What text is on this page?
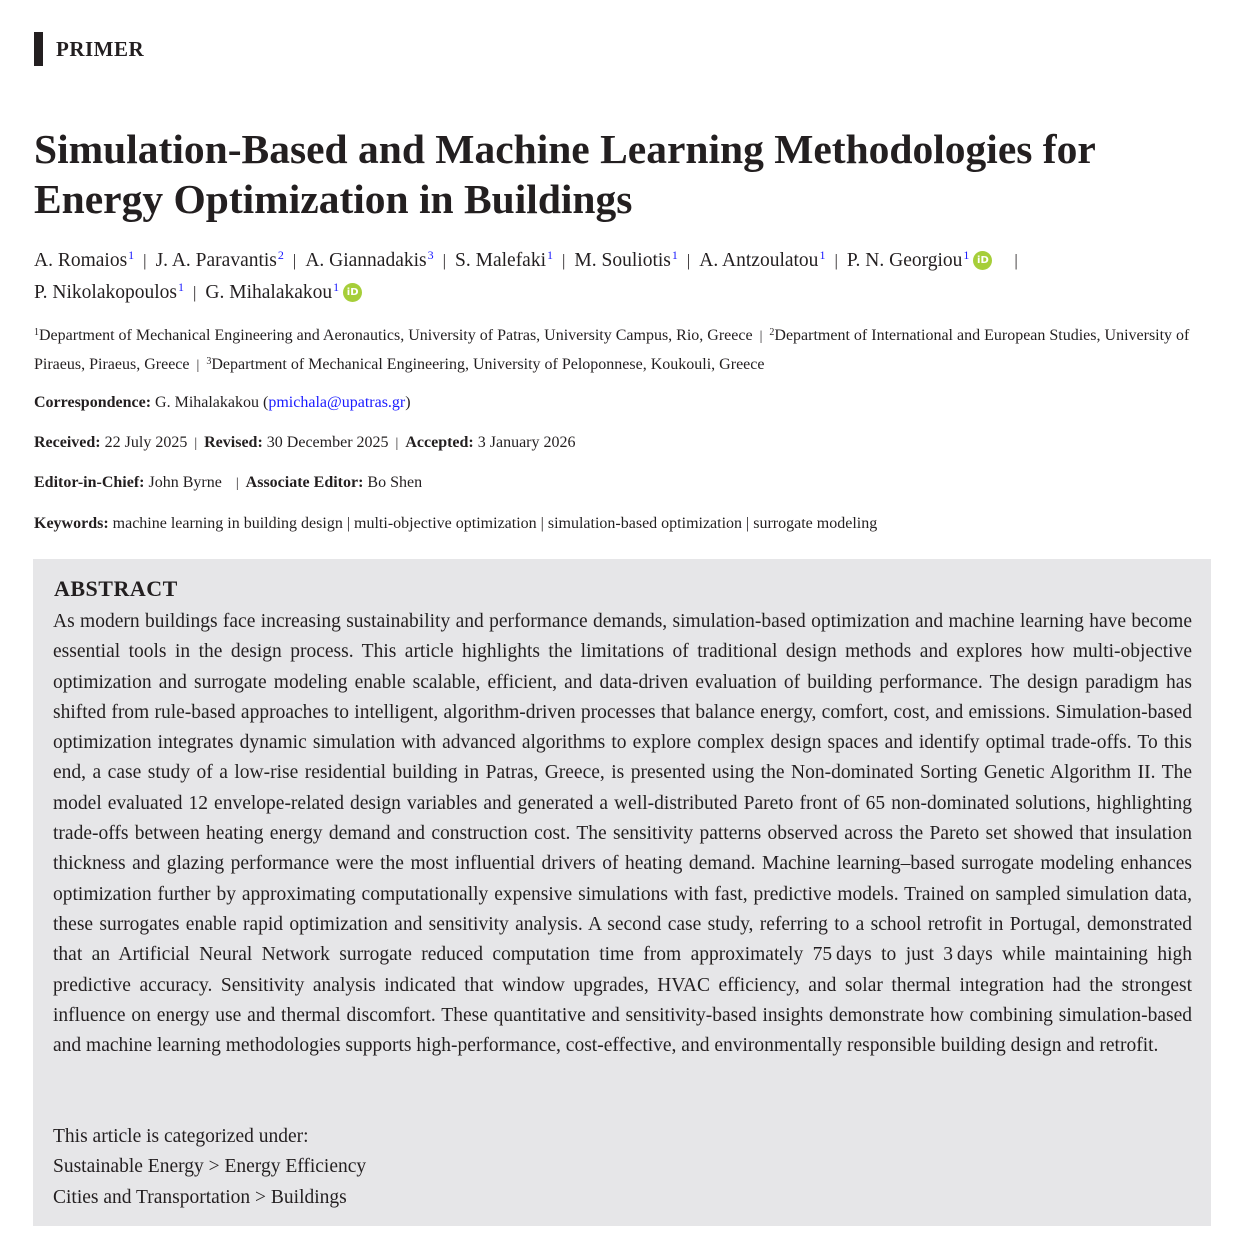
PRIMER
Simulation-Based and Machine Learning Methodologies for Energy Optimization in Buildings
A. Romaios$^1$ | J. A. Paravantis$^2$ | A. Giannadakis$^3$ | S. Malefaki$^1$ | M. Souliotis$^1$ | A. Antzoulatou$^1$ | P. N. Georgiou$^1$ iD |
P. Nikolakopoulos$^1$ | G. Mihalakakou$^1$ iD
$^1$Department of Mechanical Engineering and Aeronautics, University of Patras, University Campus, Rio, Greece | $^2$Department of International and European Studies, University of Piraeus, Piraeus, Greece | $^3$Department of Mechanical Engineering, University of Peloponnese, Koukouli, Greece
Correspondence: G. Mihalakakou (pmichala@upatras.gr)
Received: 22 July 2025 | Revised: 30 December 2025 | Accepted: 3 January 2026
Editor-in-Chief: John Byrne | Associate Editor: Bo Shen
Keywords: machine learning in building design | multi-objective optimization | simulation-based optimization | surrogate modeling
ABSTRACT

As modern buildings face increasing sustainability and performance demands, simulation-based optimization and machine learning have become essential tools in the design process. This article highlights the limitations of traditional design methods and explores how multi-objective optimization and surrogate modeling enable scalable, efficient, and data-driven evaluation of building performance. The design paradigm has shifted from rule-based approaches to intelligent, algorithm-driven processes that balance energy, comfort, cost, and emissions. Simulation-based optimization integrates dynamic simulation with advanced algorithms to explore complex design spaces and identify optimal trade-offs. To this end, a case study of a low-rise residential building in Patras, Greece, is presented using the Non-dominated Sorting Genetic Algorithm II. The model evaluated 12 envelope-related design variables and generated a well-distributed Pareto front of 65 non-dominated solutions, highlighting trade-offs between heating energy demand and construction cost. The sensitivity patterns observed across the Pareto set showed that insulation thickness and glazing performance were the most influential drivers of heating demand. Machine learning–based surrogate modeling enhances optimization further by approximating computationally expensive simulations with fast, predictive models. Trained on sampled simulation data, these surrogates enable rapid optimization and sensitivity analysis. A second case study, referring to a school retrofit in Portugal, demonstrated that an Artificial Neural Network surrogate reduced computation time from approximately 75 days to just 3 days while maintaining high predictive accuracy. Sensitivity analysis indicated that window upgrades, HVAC efficiency, and solar thermal integration had the strongest influence on energy use and thermal discomfort. These quantitative and sensitivity-based insights demonstrate how combining simulation-based and machine learning methodologies supports high-performance, cost-effective, and environmentally responsible building design and retrofit.

This article is categorized under:
Sustainable Energy > Energy Efficiency
Cities and Transportation > Buildings
